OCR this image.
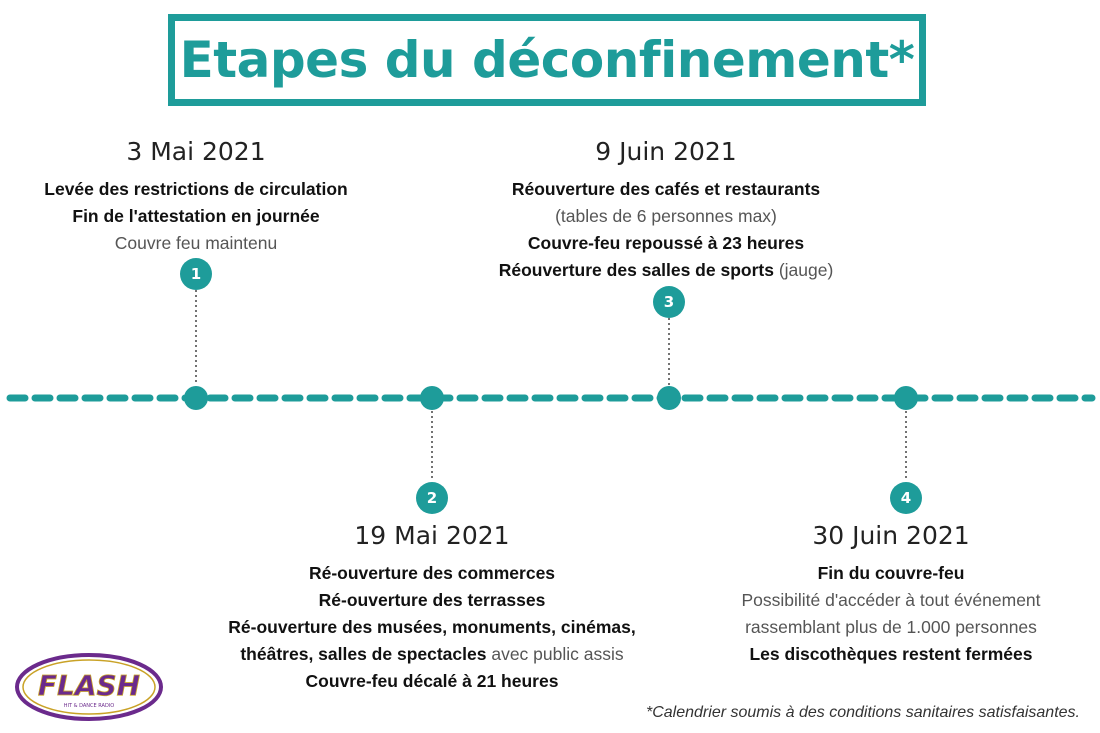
Etapes du déconfinement*
1
2
3
4
3 Mai 2021
Levée des restrictions de circulation
Fin de l'attestation en journée
Couvre feu maintenu
19 Mai 2021
Ré-ouverture des commerces
Ré-ouverture des terrasses
Ré-ouverture des musées, monuments, cinémas,
théâtres, salles de spectacles avec public assis
Couvre-feu décalé à 21 heures
9 Juin 2021
Réouverture des cafés et restaurants
(tables de 6 personnes max)
Couvre-feu repoussé à 23 heures
Réouverture des salles de sports (jauge)
30 Juin 2021
Fin du couvre-feu
Possibilité d'accéder à tout événement
rassemblant plus de 1.000 personnes
Les discothèques restent fermées
FLASH
HIT & DANCE RADIO	*Calendrier soumis à des conditions sanitaires satisfaisantes.
